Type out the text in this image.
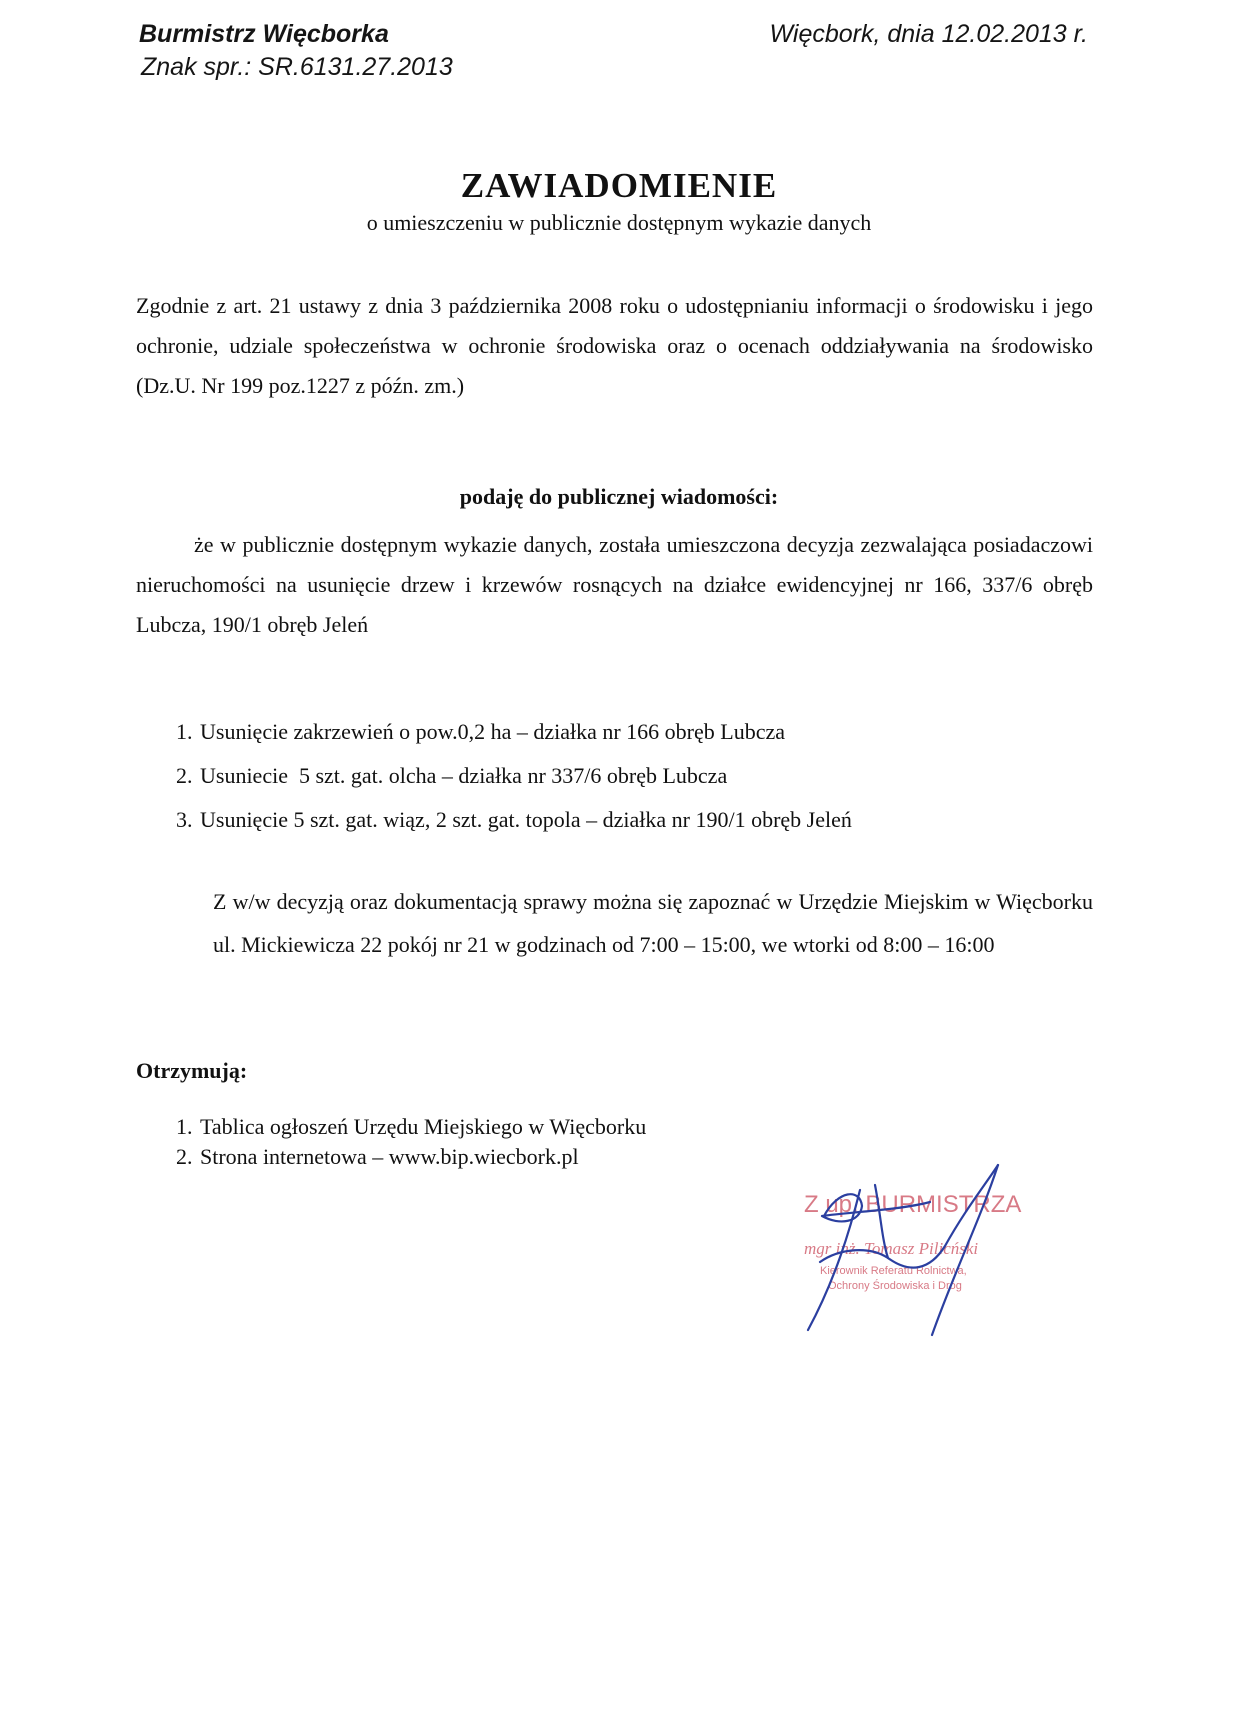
Burmistrz Więcborka
Znak spr.: SR.6131.27.2013
Więcbork, dnia 12.02.2013 r.
ZAWIADOMIENIE
o umieszczeniu w publicznie dostępnym wykazie danych
Zgodnie z art. 21 ustawy z dnia 3 października 2008 roku o udostępnianiu informacji o środowisku i jego ochronie, udziale społeczeństwa w ochronie środowiska oraz o ocenach oddziaływania na środowisko (Dz.U. Nr 199 poz.1227 z późn. zm.)
podaję do publicznej wiadomości:
że w publicznie dostępnym wykazie danych, została umieszczona decyzja zezwalająca posiadaczowi nieruchomości na usunięcie drzew i krzewów rosnących na działce ewidencyjnej nr 166, 337/6 obręb Lubcza, 190/1 obręb Jeleń
1. Usunięcie zakrzewień o pow.0,2 ha – działka nr 166 obręb Lubcza
2. Usuniecie  5 szt. gat. olcha – działka nr 337/6 obręb Lubcza
3. Usunięcie 5 szt. gat. wiąz, 2 szt. gat. topola – działka nr 190/1 obręb Jeleń
Z w/w decyzją oraz dokumentacją sprawy można się zapoznać w Urzędzie Miejskim w Więcborku ul. Mickiewicza 22 pokój nr 21 w godzinach od 7:00 – 15:00, we wtorki od 8:00 – 16:00
Otrzymują:
1. Tablica ogłoszeń Urzędu Miejskiego w Więcborku
2. Strona internetowa – www.bip.wiecbork.pl
Z up. BURMISTRZA
mgr inż. Tomasz Pilicński
Kierownik Referatu Rolnictwa,
Ochrony Środowiska i Dróg
